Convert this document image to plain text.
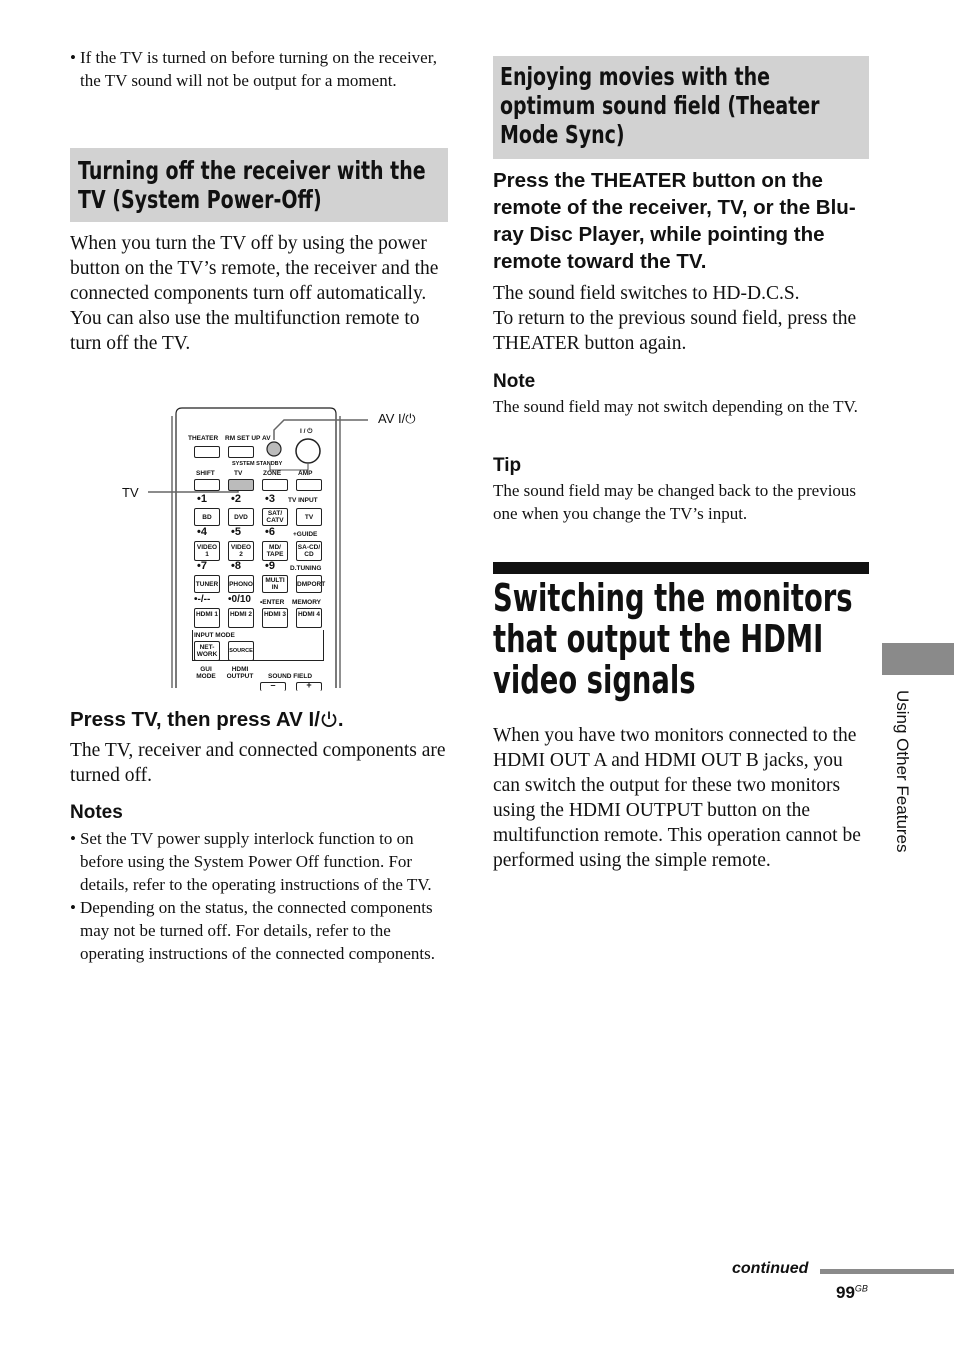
• If the TV is turned on before turning on the receiver, the TV sound will not be output for a moment.
Turning off the receiver with the
TV (System Power-Off)
When you turn the TV off by using the power button on the TV’s remote, the receiver and the connected components turn off automatically.
You can also use the multifunction remote to turn off the TV.
AV I/⏻
TV
THEATER RM SET UP AV
I / ⏻
SYSTEM STANDBY
SHIFT	TV	ZONE	AMP
•1 •2 •3 TV INPUT
BD	DVD
SAT/ CATV	TV
•4 •5 •6	+GUIDE
VIDEO 1
VIDEO 2
MD/ TAPE
SA-CD/ CD
•7 •8 •9 D.TUNING
TUNER PHONO
MULTI IN	DMPORT
•-/-- •0/10 •ENTER MEMORY
HDMI 1 HDMI 2 HDMI 3 HDMI 4
INPUT MODE
NET- WORK	SOURCE
GUI MODE
HDMI OUTPUT SOUND FIELD
–	+
Press TV, then press AV I/ .
The TV, receiver and connected components are turned off.
Notes
• Set the TV power supply interlock function to on before using the System Power Off function. For details, refer to the operating instructions of the TV.
• Depending on the status, the connected components may not be turned off. For details, refer to the operating instructions of the connected components.
Enjoying movies with the
optimum sound field (Theater
Mode Sync)
Press the THEATER button on the remote of the receiver, TV, or the Blu-ray Disc Player, while pointing the remote toward the TV.
The sound field switches to HD-D.C.S.
To return to the previous sound field, press the THEATER button again.
Note
The sound field may not switch depending on the TV.
Tip
The sound field may be changed back to the previous one when you change the TV’s input.
Switching the monitors
that output the HDMI
video signals
When you have two monitors connected to the HDMI OUT A and HDMI OUT B jacks, you can switch the output for these two monitors using the HDMI OUTPUT button on the multifunction remote. This operation cannot be performed using the simple remote.
Using Other Features
continued
$99^{GB}$
